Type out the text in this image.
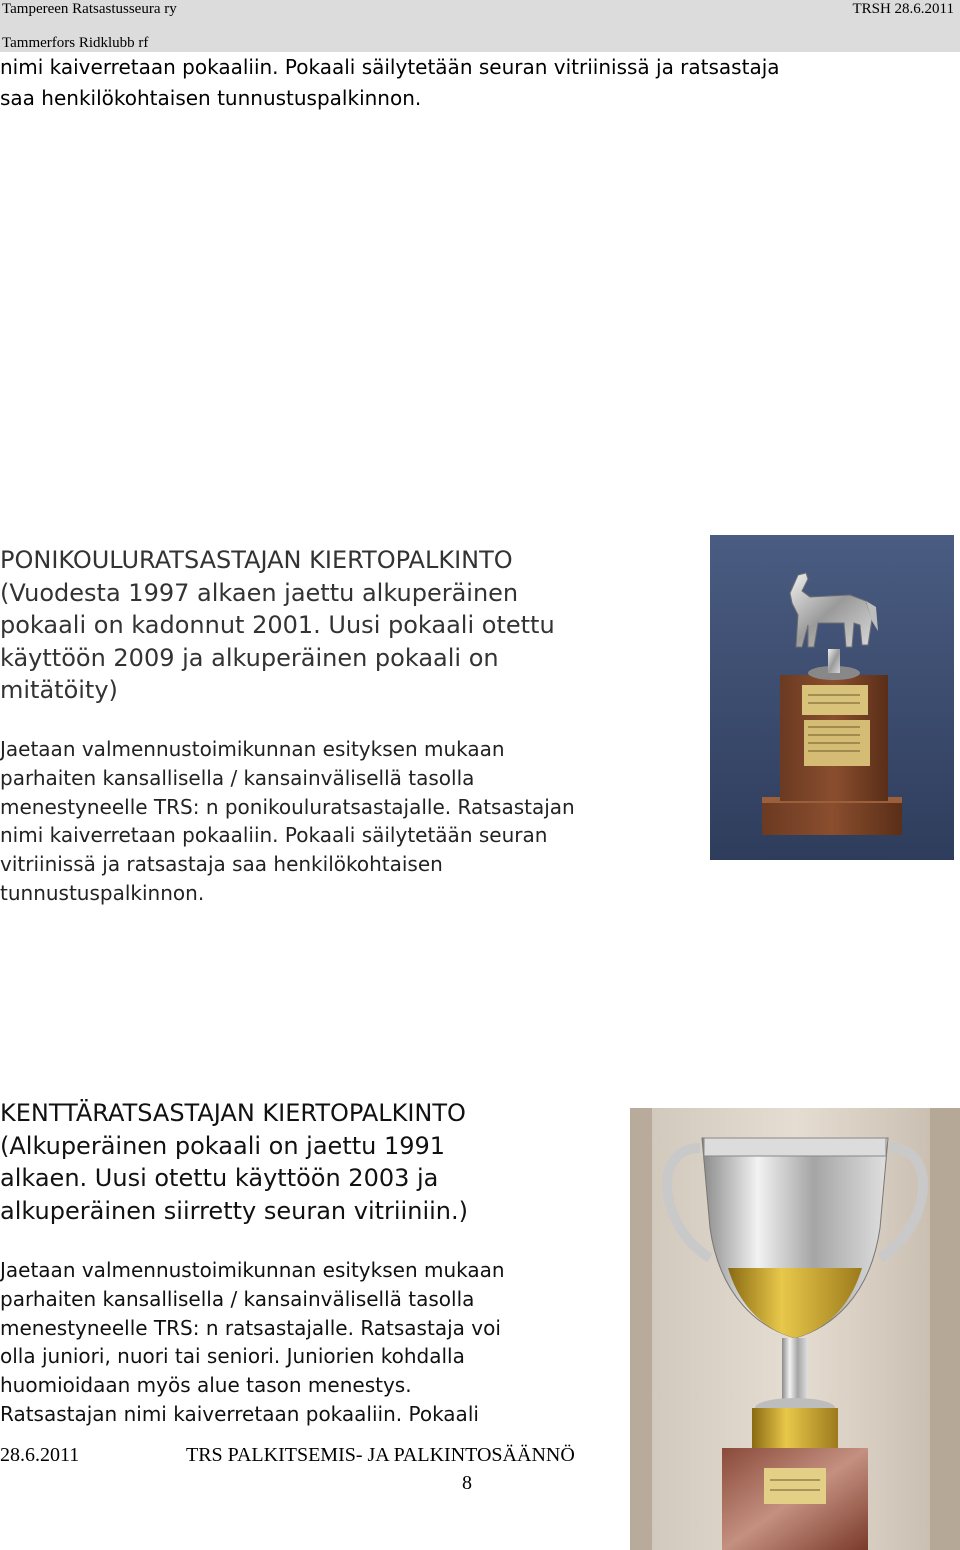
Tampereen Ratsastusseura ry
Tammerfors Ridklubb rf
TRSH 28.6.2011
nimi kaiverretaan pokaaliin. Pokaali säilytetään seuran vitriinissä ja ratsastaja
saa henkilökohtaisen tunnustuspalkinnon.
PONIKOULURATSASTAJAN KIERTOPALKINTO
(Vuodesta 1997 alkaen jaettu alkuperäinen
pokaali on kadonnut 2001. Uusi pokaali otettu
käyttöön 2009 ja alkuperäinen pokaali on
mitätöity)
Jaetaan valmennustoimikunnan esityksen mukaan
parhaiten kansallisella / kansainvälisellä tasolla
menestyneelle TRS: n ponikouluratsastajalle. Ratsastajan
nimi kaiverretaan pokaaliin. Pokaali säilytetään seuran
vitriinissä ja ratsastaja saa henkilökohtaisen
tunnustuspalkinnon.
KENTTÄRATSASTAJAN KIERTOPALKINTO
(Alkuperäinen pokaali on jaettu 1991
alkaen. Uusi otettu käyttöön 2003 ja
alkuperäinen siirretty seuran vitriiniin.)
Jaetaan valmennustoimikunnan esityksen mukaan
parhaiten kansallisella / kansainvälisellä tasolla
menestyneelle TRS: n ratsastajalle. Ratsastaja voi
olla juniori, nuori tai seniori. Juniorien kohdalla
huomioidaan myös alue tason menestys.
Ratsastajan nimi kaiverretaan pokaaliin. Pokaali
28.6.2011	TRS PALKITSEMIS- JA PALKINTOSÄÄNNÖ
8
